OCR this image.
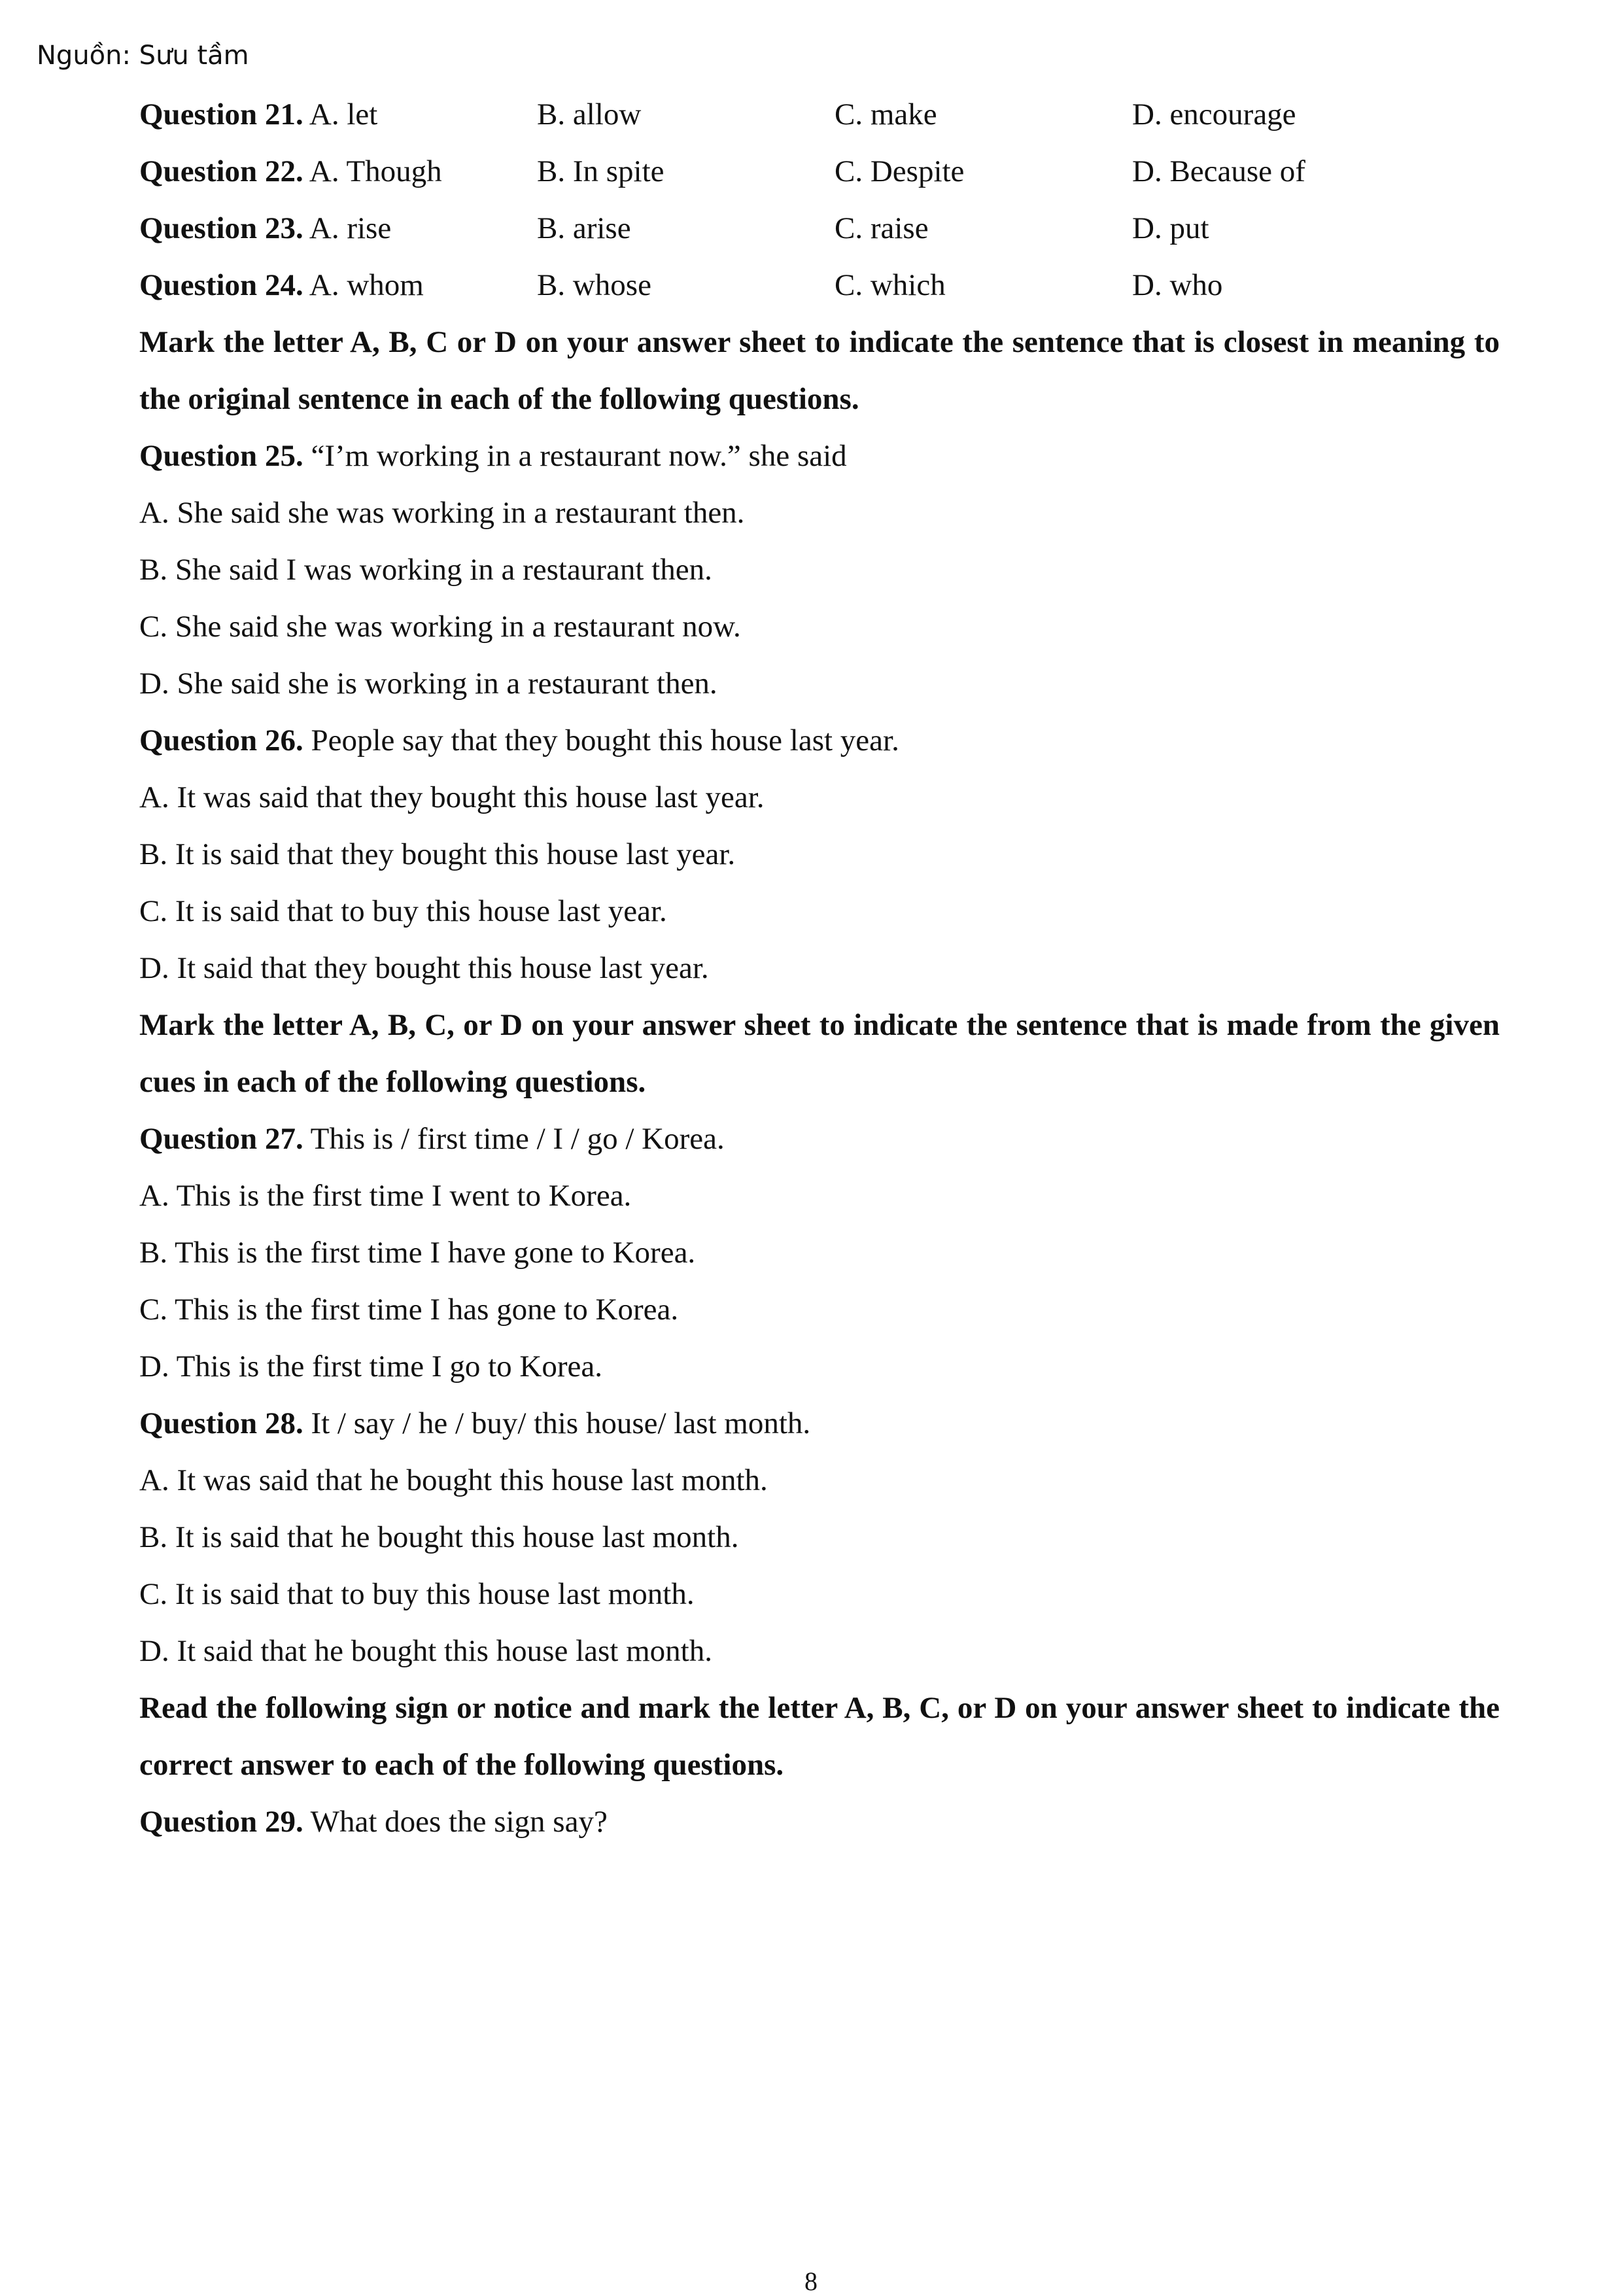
Nguồn: Sưu tầm
Question 21. A. let	B. allow	C. make	D. encourage
Question 22. A. Though	B. In spite	C. Despite	D. Because of
Question 23. A. rise	B. arise	C. raise	D. put
Question 24. A. whom	B. whose	C. which	D. who
Mark the letter A, B, C or D on your answer sheet to indicate the sentence that is closest in meaning to the original sentence in each of the following questions.
Question 25. “I’m working in a restaurant now.” she said
A. She said she was working in a restaurant then.
B. She said I was working in a restaurant then.
C. She said she was working in a restaurant now.
D. She said she is working in a restaurant then.
Question 26. People say that they bought this house last year.
A. It was said that they bought this house last year.
B. It is said that they bought this house last year.
C. It is said that to buy this house last year.
D. It said that they bought this house last year.
Mark the letter A, B, C, or D on your answer sheet to indicate the sentence that is made from the given cues in each of the following questions.
Question 27. This is / first time / I / go / Korea.
A. This is the first time I went to Korea.
B. This is the first time I have gone to Korea.
C. This is the first time I has gone to Korea.
D. This is the first time I go to Korea.
Question 28. It / say / he / buy/ this house/ last month.
A. It was said that he bought this house last month.
B. It is said that he bought this house last month.
C. It is said that to buy this house last month.
D. It said that he bought this house last month.
Read the following sign or notice and mark the letter A, B, C, or D on your answer sheet to indicate the correct answer to each of the following questions.
Question 29. What does the sign say?
8
